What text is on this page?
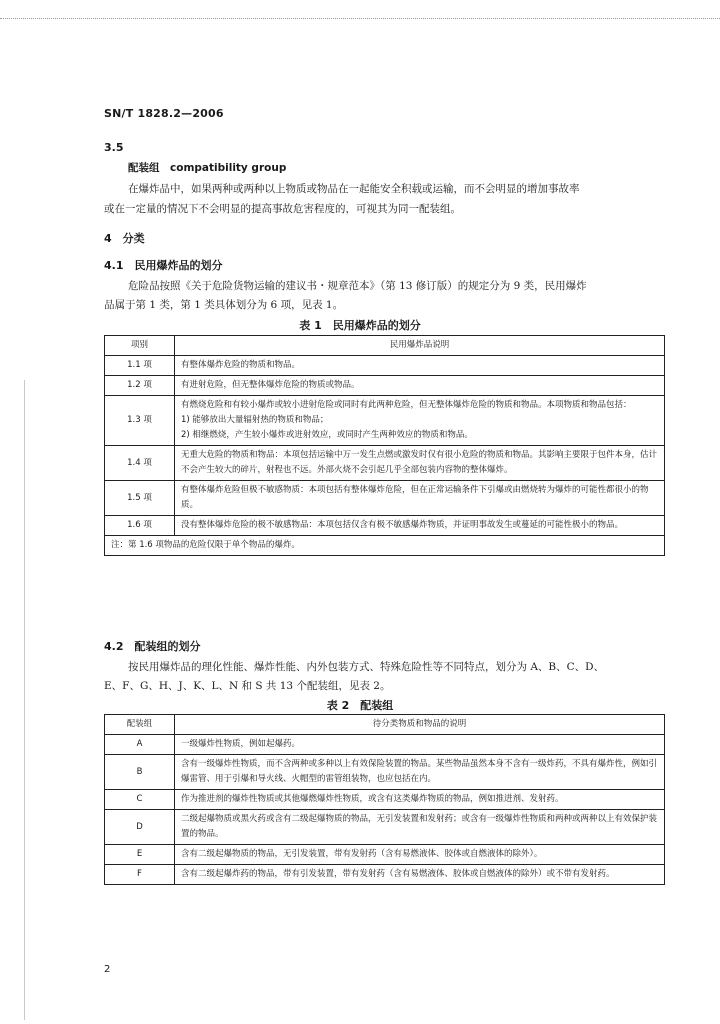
SN/T 1828.2—2006
3.5
配装组　compatibility group
在爆炸品中，如果两种或两种以上物质或物品在一起能安全积载或运输，而不会明显的增加事故率
或在一定量的情况下不会明显的提高事故危害程度的，可视其为同一配装组。
4　分类
4.1　民用爆炸品的划分
危险品按照《关于危险货物运输的建议书・规章范本》（第 13 修订版）的规定分为 9 类，民用爆炸
品属于第 1 类，第 1 类具体划分为 6 项，见表 1。
表 1　民用爆炸品的划分
项别	民用爆炸品说明
1.1 项	有整体爆炸危险的物质和物品。
1.2 项	有进射危险，但无整体爆炸危险的物质或物品。
1.3 项	有燃烧危险和有较小爆炸或较小进射危险或同时有此两种危险，但无整体爆炸危险的物质和物品。本项物质和物品包括：
1) 能够放出大量辐射热的物质和物品；
2) 相继燃烧，产生较小爆炸或迸射效应，或同时产生两种效应的物质和物品。

1.4 项	无重大危险的物质和物品：本项包括运输中万一发生点燃或激发时仅有很小危险的物质和物品。其影响主要限于包件本身，估计不会产生较大的碎片，射程也不远。外部火烧不会引起几乎全部包装内容物的整体爆炸。
1.5 项	有整体爆炸危险但极不敏感物质：本项包括有整体爆炸危险，但在正常运输条件下引爆或由燃烧转为爆炸的可能性都很小的物质。
1.6 项	没有整体爆炸危险的极不敏感物品：本项包括仅含有极不敏感爆炸物质，并证明事故发生或蔓延的可能性极小的物品。
注：第 1.6 项物品的危险仅限于单个物品的爆炸。	
4.2　配装组的划分
按民用爆炸品的理化性能、爆炸性能、内外包装方式、特殊危险性等不同特点，划分为 A、B、C、D、
E、F、G、H、J、K、L、N 和 S 共 13 个配装组，见表 2。
表 2　配装组
配装组	待分类物质和物品的说明
A	一级爆炸性物质，例如起爆药。
B	含有一级爆炸性物质，而不含两种或多种以上有效保险装置的物品。某些物品虽然本身不含有一级炸药，不具有爆炸性，例如引爆雷管、用于引爆和导火线、火帽型的雷管组装物，也应包括在内。
C	作为推进剂的爆炸性物质或其他爆燃爆炸性物质，或含有这类爆炸物质的物品，例如推进剂、发射药。
D	二级起爆物质或黑火药或含有二级起爆物质的物品，无引发装置和发射药；或含有一级爆炸性物质和两种或两种以上有效保护装置的物品。
E	含有二级起爆物质的物品，无引发装置，带有发射药（含有易燃液体、胶体或自燃液体的除外）。
F	含有二级起爆炸药的物品，带有引发装置，带有发射药（含有易燃液体、胶体或自燃液体的除外）或不带有发射药。
2
